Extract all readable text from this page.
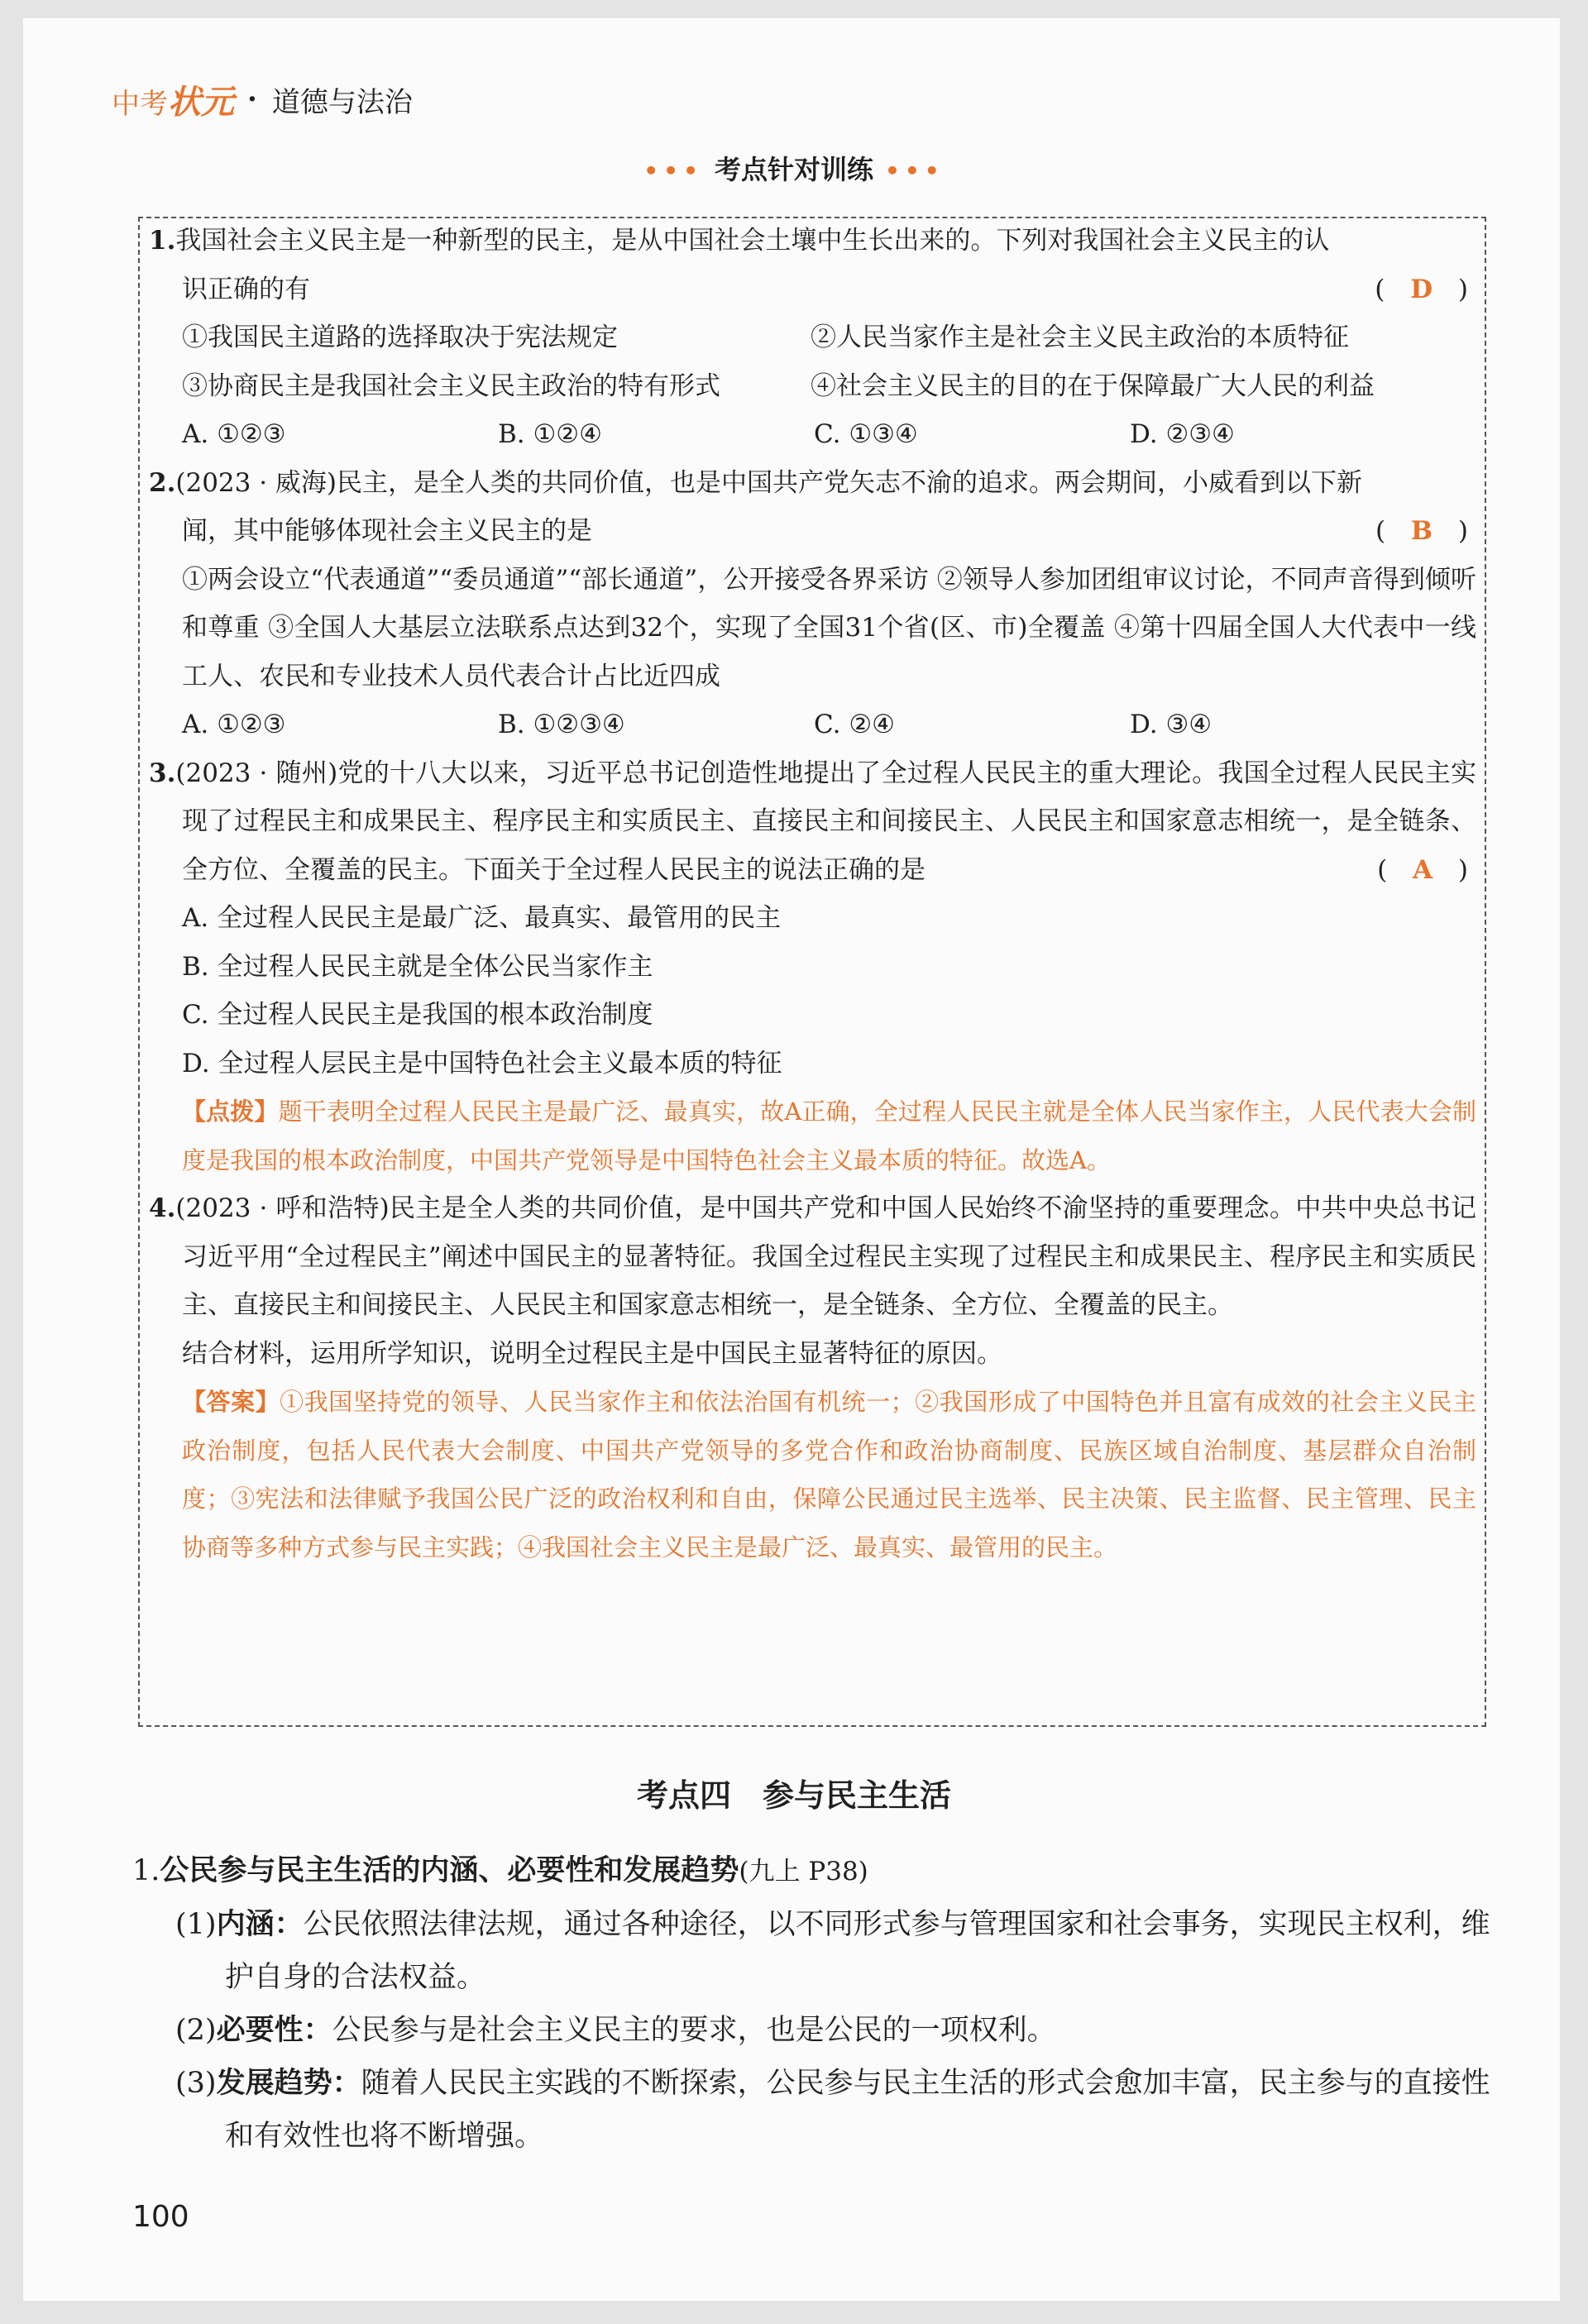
中考状元 · 道德与法治
••• 考点针对训练 •••
1.我国社会主义民主是一种新型的民主，是从中国社会土壤中生长出来的。下列对我国社会主义民主的认
识正确的有	( D )
①我国民主道路的选择取决于宪法规定	②人民当家作主是社会主义民主政治的本质特征
③协商民主是我国社会主义民主政治的特有形式	④社会主义民主的目的在于保障最广大人民的利益
A. ①②③	B. ①②④	C. ①③④	D. ②③④
2.(2023 · 威海)民主，是全人类的共同价值，也是中国共产党矢志不渝的追求。两会期间，小威看到以下新
闻，其中能够体现社会主义民主的是	( B )
①两会设立“代表通道”“委员通道”“部长通道”，公开接受各界采访 ②领导人参加团组审议讨论，不同声音得到倾听和尊重 ③全国人大基层立法联系点达到32个，实现了全国31个省(区、市)全覆盖 ④第十四届全国人大代表中一线工人、农民和专业技术人员代表合计占比近四成
A. ①②③	B. ①②③④	C. ②④	D. ③④
3.(2023 · 随州)党的十八大以来，习近平总书记创造性地提出了全过程人民民主的重大理论。我国全过程人民民主实现了过程民主和成果民主、程序民主和实质民主、直接民主和间接民主、人民民主和国家意志相统一，是全链条、全方位、全覆盖的民主。下面关于全过程人民民主的说法正确的是	( A )
A. 全过程人民民主是最广泛、最真实、最管用的民主
B. 全过程人民民主就是全体公民当家作主
C. 全过程人民民主是我国的根本政治制度
D. 全过程人层民主是中国特色社会主义最本质的特征
【点拨】题干表明全过程人民民主是最广泛、最真实，故A正确，全过程人民民主就是全体人民当家作主，人民代表大会制度是我国的根本政治制度，中国共产党领导是中国特色社会主义最本质的特征。故选A。
4.(2023 · 呼和浩特)民主是全人类的共同价值，是中国共产党和中国人民始终不渝坚持的重要理念。中共中央总书记习近平用“全过程民主”阐述中国民主的显著特征。我国全过程民主实现了过程民主和成果民主、程序民主和实质民主、直接民主和间接民主、人民民主和国家意志相统一，是全链条、全方位、全覆盖的民主。
结合材料，运用所学知识，说明全过程民主是中国民主显著特征的原因。
【答案】①我国坚持党的领导、人民当家作主和依法治国有机统一；②我国形成了中国特色并且富有成效的社会主义民主政治制度，包括人民代表大会制度、中国共产党领导的多党合作和政治协商制度、民族区域自治制度、基层群众自治制度；③宪法和法律赋予我国公民广泛的政治权利和自由，保障公民通过民主选举、民主决策、民主监督、民主管理、民主协商等多种方式参与民主实践；④我国社会主义民主是最广泛、最真实、最管用的民主。
考点四　参与民主生活
1.公民参与民主生活的内涵、必要性和发展趋势(九上 P38)
(1)内涵：公民依照法律法规，通过各种途径，以不同形式参与管理国家和社会事务，实现民主权利，维护自身的合法权益。
(2)必要性：公民参与是社会主义民主的要求，也是公民的一项权利。
(3)发展趋势：随着人民民主实践的不断探索，公民参与民主生活的形式会愈加丰富，民主参与的直接性和有效性也将不断增强。
100
